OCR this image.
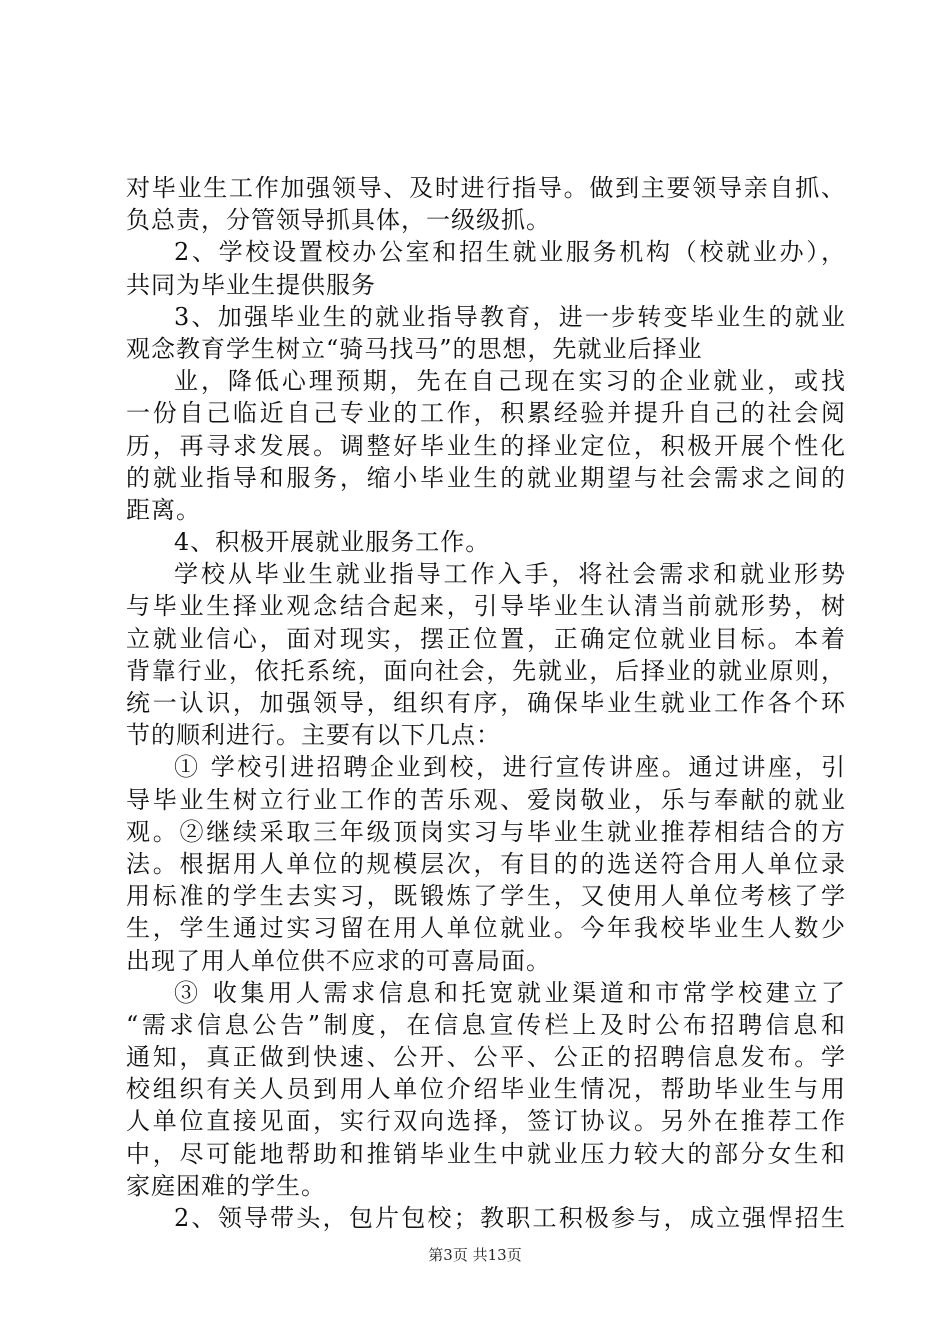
对毕业生工作加强领导、及时进行指导。做到主要领导亲自抓、
负总责，分管领导抓具体，一级级抓。
2、学校设置校办公室和招生就业服务机构（校就业办），
共同为毕业生提供服务
3、加强毕业生的就业指导教育，进一步转变毕业生的就业
观念教育学生树立“骑马找马”的思想，先就业后择业
业，降低心理预期，先在自己现在实习的企业就业，或找
一份自己临近自己专业的工作，积累经验并提升自己的社会阅
历，再寻求发展。调整好毕业生的择业定位，积极开展个性化
的就业指导和服务，缩小毕业生的就业期望与社会需求之间的
距离。
4、积极开展就业服务工作。
学校从毕业生就业指导工作入手，将社会需求和就业形势
与毕业生择业观念结合起来，引导毕业生认清当前就形势，树
立就业信心，面对现实，摆正位置，正确定位就业目标。本着
背靠行业，依托系统，面向社会，先就业，后择业的就业原则，
统一认识，加强领导，组织有序，确保毕业生就业工作各个环
节的顺利进行。主要有以下几点：
① 学校引进招聘企业到校，进行宣传讲座。通过讲座，引
导毕业生树立行业工作的苦乐观、爱岗敬业，乐与奉献的就业
观。②继续采取三年级顶岗实习与毕业生就业推荐相结合的方
法。根据用人单位的规模层次，有目的的选送符合用人单位录
用标准的学生去实习，既锻炼了学生，又使用人单位考核了学
生，学生通过实习留在用人单位就业。今年我校毕业生人数少
出现了用人单位供不应求的可喜局面。
③ 收集用人需求信息和托宽就业渠道和市常学校建立了
“需求信息公告”制度，在信息宣传栏上及时公布招聘信息和
通知，真正做到快速、公开、公平、公正的招聘信息发布。学
校组织有关人员到用人单位介绍毕业生情况，帮助毕业生与用
人单位直接见面，实行双向选择，签订协议。另外在推荐工作
中，尽可能地帮助和推销毕业生中就业压力较大的部分女生和
家庭困难的学生。
2、领导带头，包片包校；教职工积极参与，成立强悍招生
第3页 共13页
